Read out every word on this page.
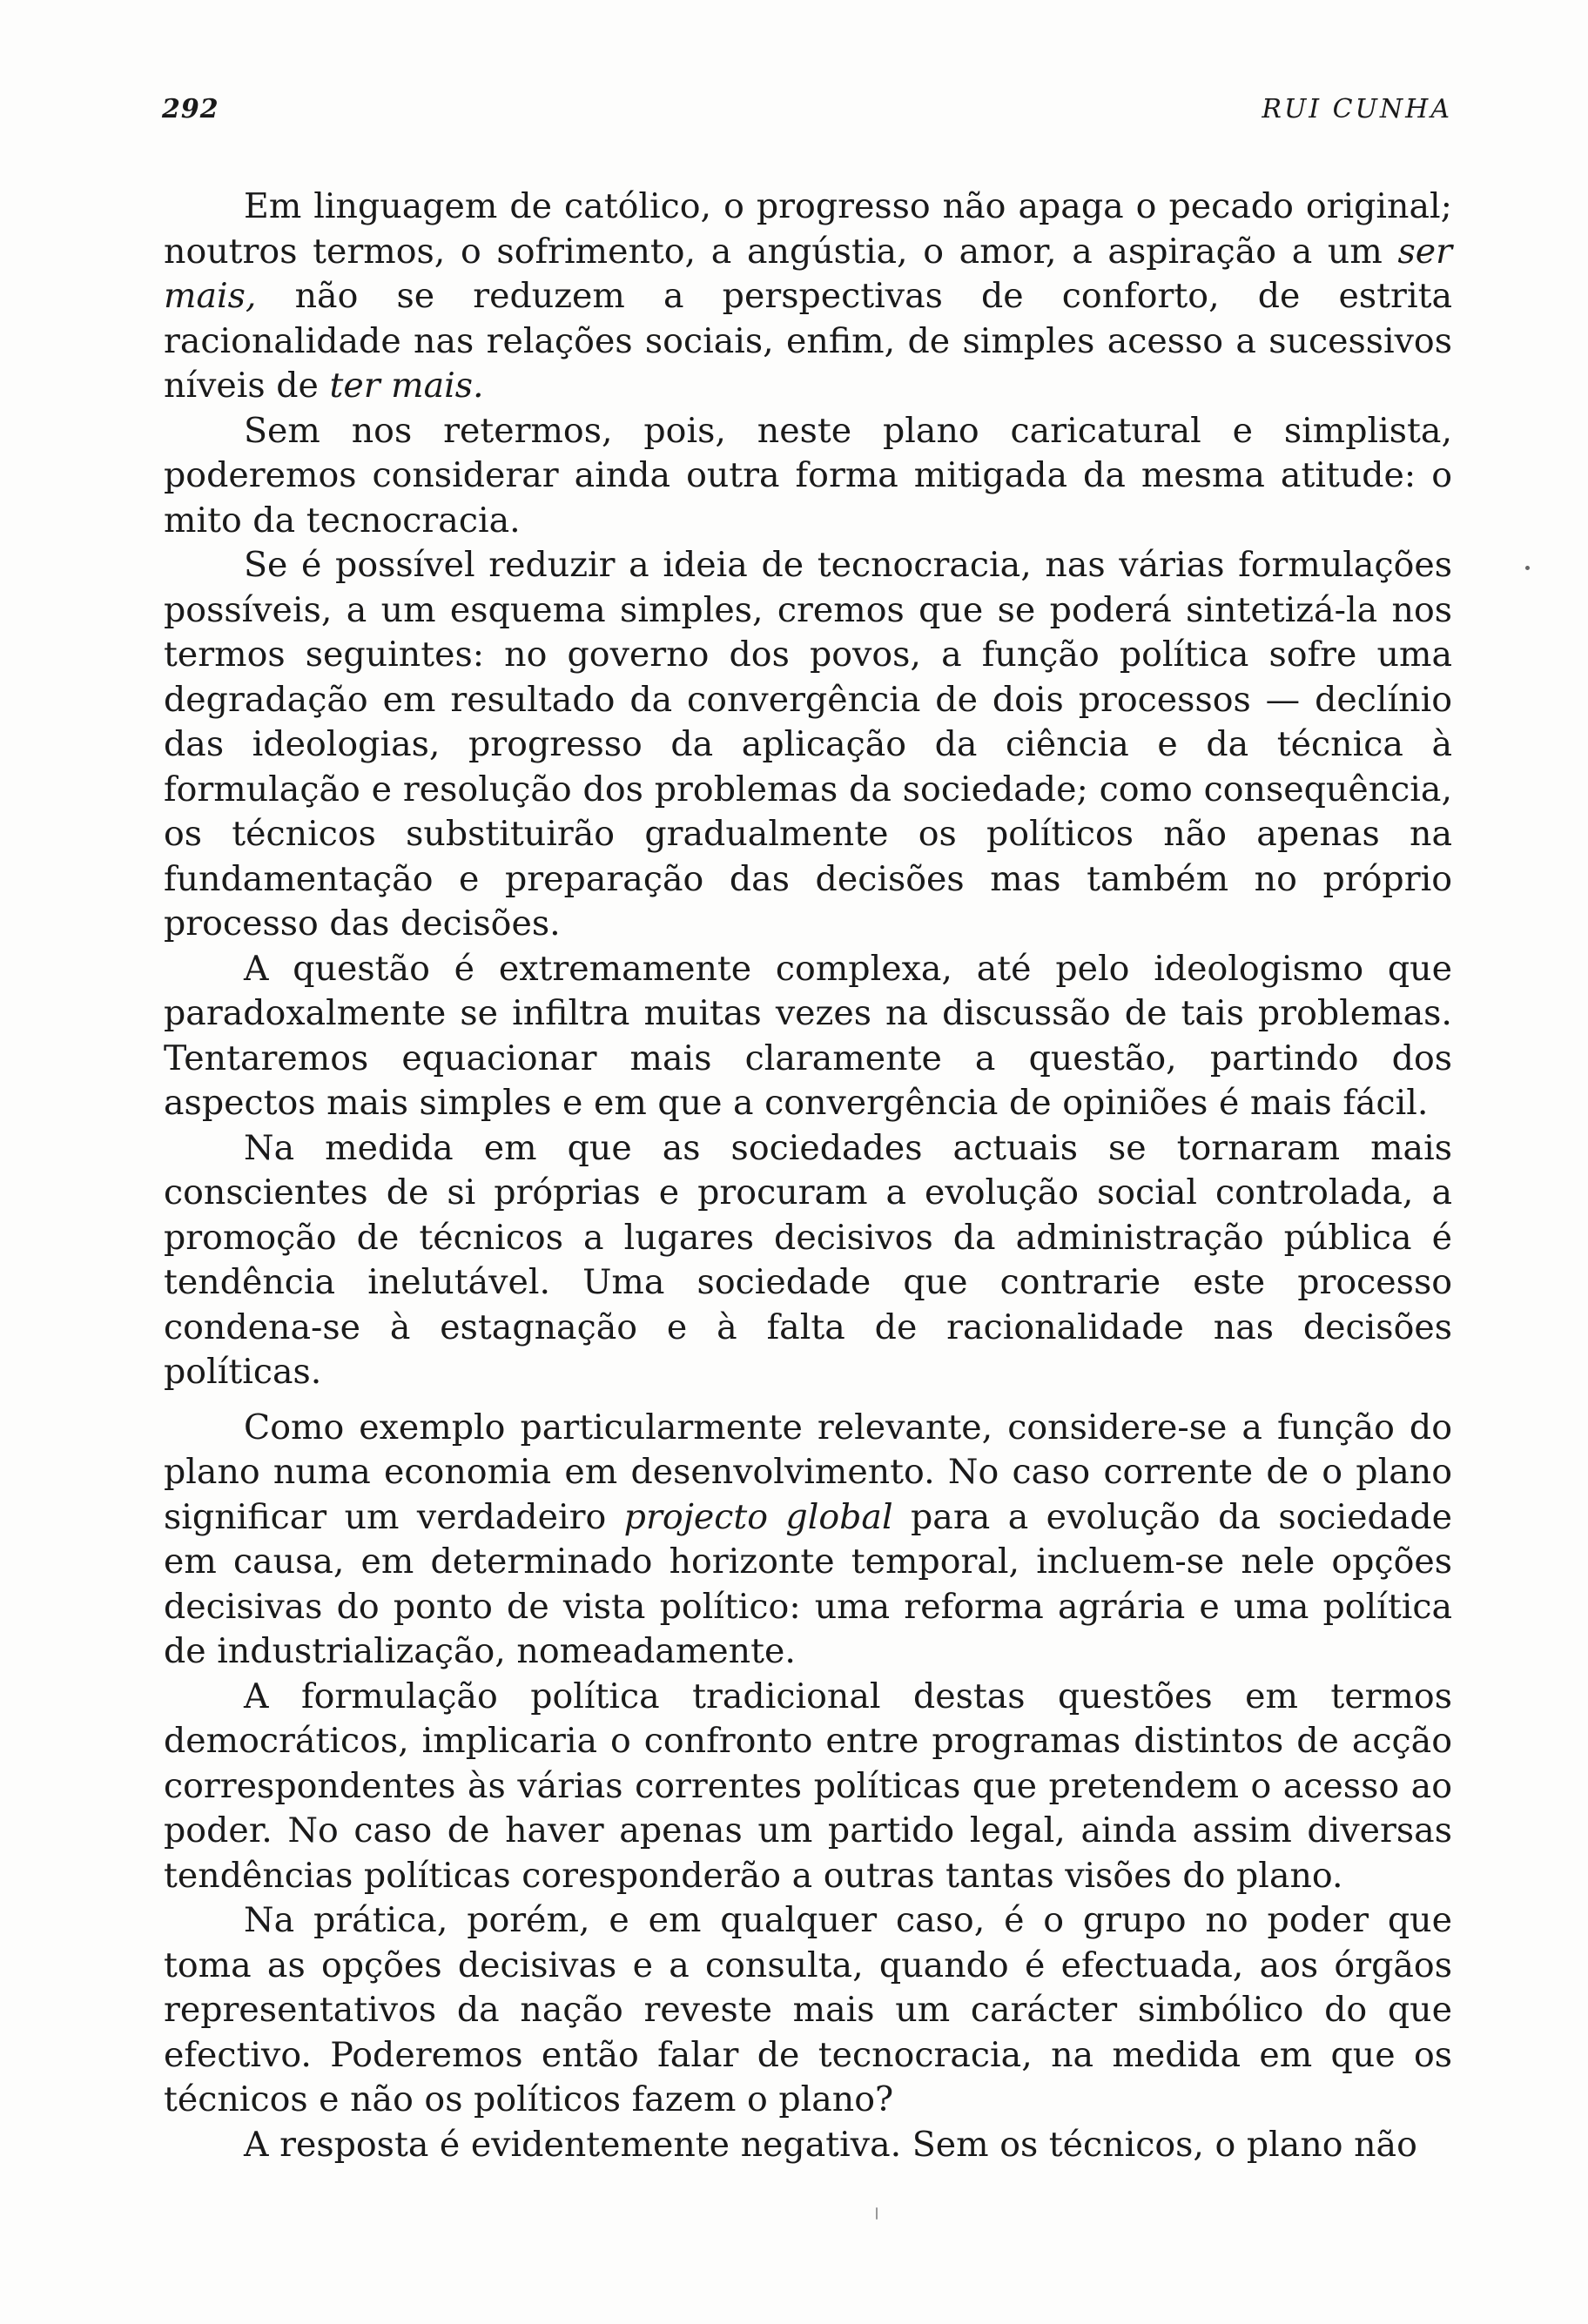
292	RUI CUNHA

Em linguagem de católico, o progresso não apaga o pecado original; noutros termos, o sofrimento, a angústia, o amor, a aspiração a um ser mais, não se reduzem a perspectivas de conforto, de estrita racionalidade nas relações sociais, enfim, de simples acesso a sucessivos níveis de ter mais.

Sem nos retermos, pois, neste plano caricatural e simplista, poderemos considerar ainda outra forma mitigada da mesma atitude: o mito da tecnocracia.

Se é possível reduzir a ideia de tecnocracia, nas várias formulações possíveis, a um esquema simples, cremos que se poderá sintetizá-la nos termos seguintes: no governo dos povos, a função política sofre uma degradação em resultado da convergência de dois processos — declínio das ideologias, progresso da aplicação da ciência e da técnica à formulação e resolução dos problemas da sociedade; como consequência, os técnicos substituirão gradualmente os políticos não apenas na fundamentação e preparação das decisões mas também no próprio processo das decisões.

A questão é extremamente complexa, até pelo ideologismo que paradoxalmente se infiltra muitas vezes na discussão de tais problemas. Tentaremos equacionar mais claramente a questão, partindo dos aspectos mais simples e em que a convergência de opiniões é mais fácil.

Na medida em que as sociedades actuais se tornaram mais conscientes de si próprias e procuram a evolução social controlada, a promoção de técnicos a lugares decisivos da administração pública é tendência inelutável. Uma sociedade que contrarie este processo condena-se à estagnação e à falta de racionalidade nas decisões políticas.

Como exemplo particularmente relevante, considere-se a função do plano numa economia em desenvolvimento. No caso corrente de o plano significar um verdadeiro projecto global para a evolução da sociedade em causa, em determinado horizonte temporal, incluem-se nele opções decisivas do ponto de vista político: uma reforma agrária e uma política de industrialização, nomeadamente.

A formulação política tradicional destas questões em termos democráticos, implicaria o confronto entre programas distintos de acção correspondentes às várias correntes políticas que pretendem o acesso ao poder. No caso de haver apenas um partido legal, ainda assim diversas tendências políticas coresponderão a outras tantas visões do plano.

Na prática, porém, e em qualquer caso, é o grupo no poder que toma as opções decisivas e a consulta, quando é efectuada, aos órgãos representativos da nação reveste mais um carácter simbólico do que efectivo. Poderemos então falar de tecnocracia, na medida em que os técnicos e não os políticos fazem o plano?

A resposta é evidentemente negativa. Sem os técnicos, o plano não
